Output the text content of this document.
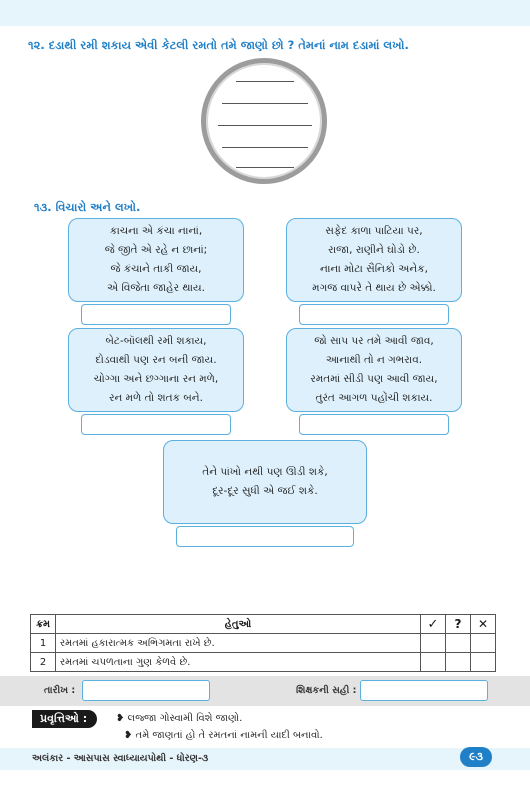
૧૨. દડાથી રમી શકાય એવી કેટલી રમતો તમે જાણો છો ? તેમનાં નામ દડામાં લખો.
૧૩. વિચારો અને લખો.

કાચના એ કંચા નાનાં,

જે જીતે એ રહે ન છાનાં;

જે કંચાને તાકી જાય,

એ વિજેતા જાહેર થાય.

સફેદ કાળા પાટિયા પર,

રાજા, રાણીને ઘોડો છે.

નાના મોટા સૈનિકો અનેક,

મગજ વાપરે તે થાય છે એક્કો.

બેટ-બૉલથી રમી શકાય,

દોડવાથી પણ રન બની જાય.

ચોગ્ગા અને છગ્ગાના રન મળે,

રન મળે તો શતક બને.

જો સાપ પર તમે આવી જાવ,

આનાથી તો ન ગભરાવ.

રમતમાં સીડી પણ આવી જાય,

તુરંત આગળ પહોંચી શકાય.

તેને પાંખો નથી પણ ઊડી શકે,

દૂર-દૂર સુધી એ જઈ શકે.

ક્રમ	હેતુઓ	✓	?	✕
1	રમતમાં હકારાત્મક અભિગમતા રાખે છે.			
2	રમતમાં ચપળતાના ગુણ કેળવે છે.			
તારીખ :	શિક્ષકની સહી :
પ્રવૃત્તિઓ :	❥ લજ્જા ગોસ્વામી વિશે જાણો.
❥ તમે જાણતાં હો તે રમતનાં નામની યાદી બનાવો.
અલંકાર - આસપાસ સ્વાધ્યાયપોથી - ધોરણ-૩	૯૩
